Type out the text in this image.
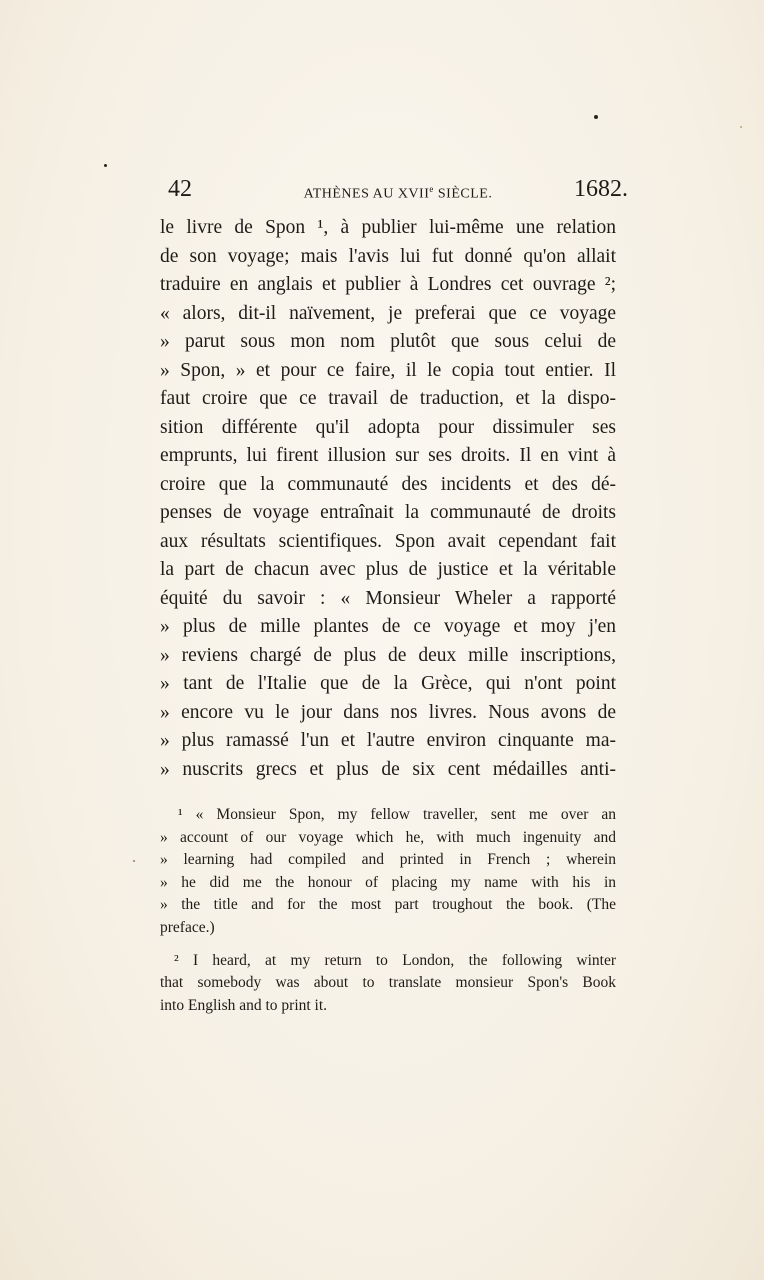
42	ATHÈNES AU XVIIe SIÈCLE.	1682.
le livre de Spon ¹, à publier lui-même une relation
de son voyage; mais l'avis lui fut donné qu'on allait
traduire en anglais et publier à Londres cet ouvrage ²;
« alors, dit-il naïvement, je preferai que ce voyage
» parut sous mon nom plutôt que sous celui de
» Spon, » et pour ce faire, il le copia tout entier. Il
faut croire que ce travail de traduction, et la dispo-
sition différente qu'il adopta pour dissimuler ses
emprunts, lui firent illusion sur ses droits. Il en vint à
croire que la communauté des incidents et des dé-
penses de voyage entraînait la communauté de droits
aux résultats scientifiques. Spon avait cependant fait
la part de chacun avec plus de justice et la véritable
équité du savoir : « Monsieur Wheler a rapporté
» plus de mille plantes de ce voyage et moy j'en
» reviens chargé de plus de deux mille inscriptions,
» tant de l'Italie que de la Grèce, qui n'ont point
» encore vu le jour dans nos livres. Nous avons de
» plus ramassé l'un et l'autre environ cinquante ma-
» nuscrits grecs et plus de six cent médailles anti-
¹ « Monsieur Spon, my fellow traveller, sent me over an
» account of our voyage which he, with much ingenuity and
» learning had compiled and printed in French ; wherein
» he did me the honour of placing my name with his in
» the title and for the most part troughout the book. (The
preface.)
² I heard, at my return to London, the following winter
that somebody was about to translate monsieur Spon's Book
into English and to print it.
